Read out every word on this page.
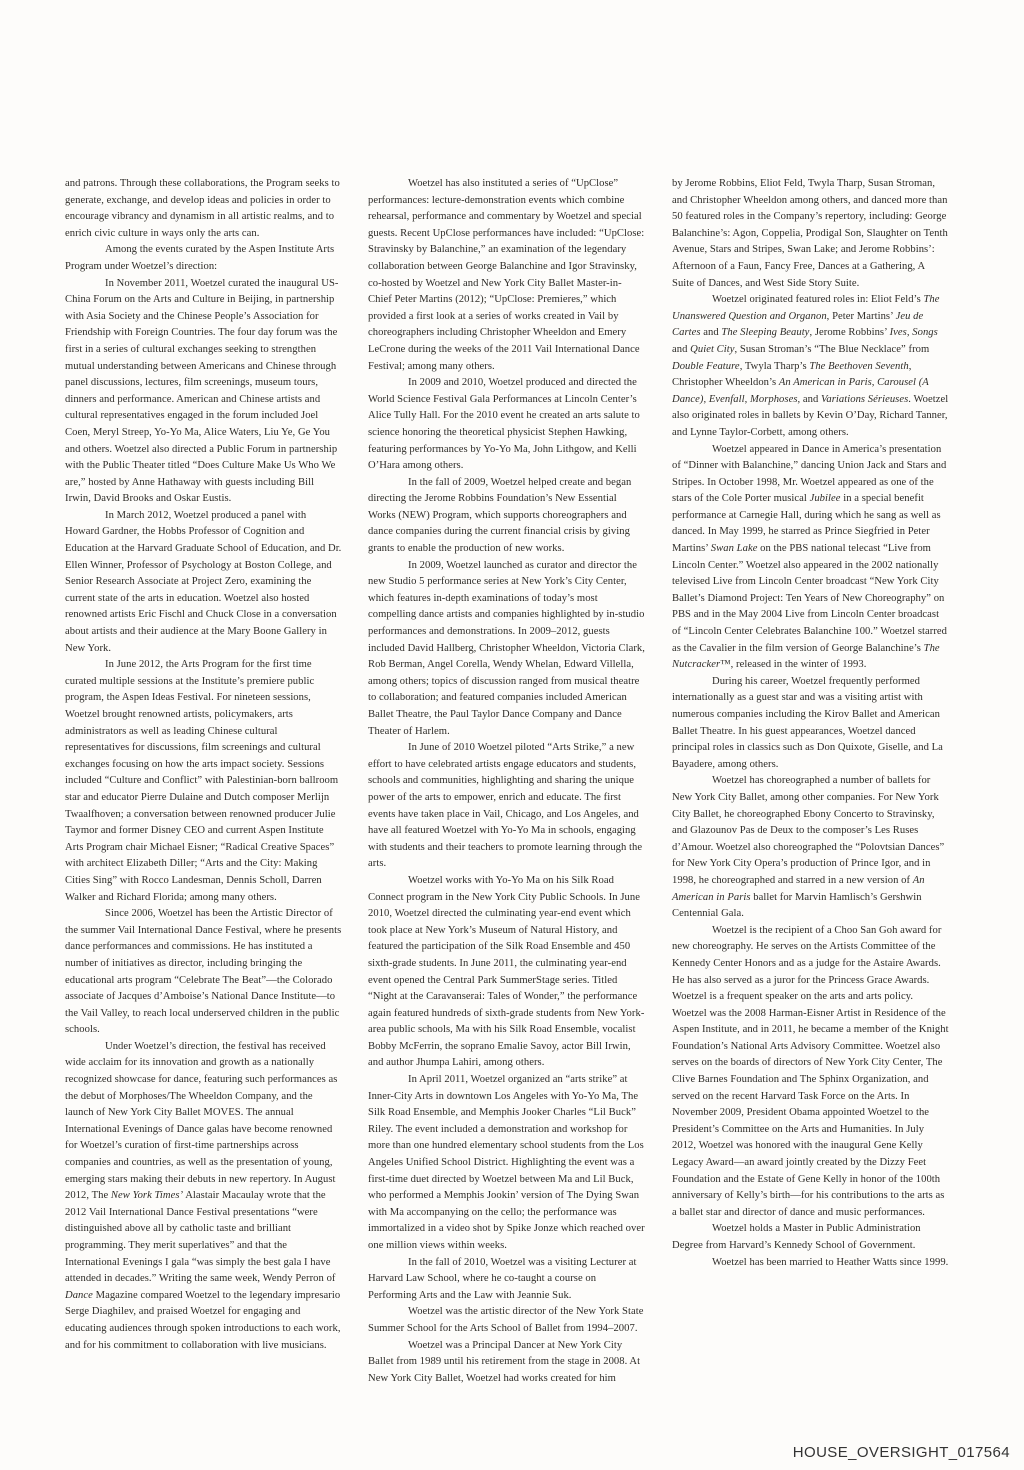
and patrons. Through these collaborations, the Program seeks to generate, exchange, and develop ideas and policies in order to encourage vibrancy and dynamism in all artistic realms, and to enrich civic culture in ways only the arts can.

Among the events curated by the Aspen Institute Arts Program under Woetzel’s direction:

In November 2011, Woetzel curated the inaugural US-China Forum on the Arts and Culture in Beijing, in partnership with Asia Society and the Chinese People’s Association for Friendship with Foreign Countries. The four day forum was the first in a series of cultural exchanges seeking to strengthen mutual understanding between Americans and Chinese through panel discussions, lectures, film screenings, museum tours, dinners and performance. American and Chinese artists and cultural representatives engaged in the forum included Joel Coen, Meryl Streep, Yo-Yo Ma, Alice Waters, Liu Ye, Ge You and others. Woetzel also directed a Public Forum in partnership with the Public Theater titled “Does Culture Make Us Who We are,” hosted by Anne Hathaway with guests including Bill Irwin, David Brooks and Oskar Eustis.

In March 2012, Woetzel produced a panel with Howard Gardner, the Hobbs Professor of Cognition and Education at the Harvard Graduate School of Education, and Dr. Ellen Winner, Professor of Psychology at Boston College, and Senior Research Associate at Project Zero, examining the current state of the arts in education. Woetzel also hosted renowned artists Eric Fischl and Chuck Close in a conversation about artists and their audience at the Mary Boone Gallery in New York.

In June 2012, the Arts Program for the first time curated multiple sessions at the Institute’s premiere public program, the Aspen Ideas Festival. For nineteen sessions, Woetzel brought renowned artists, policymakers, arts administrators as well as leading Chinese cultural representatives for discussions, film screenings and cultural exchanges focusing on how the arts impact society. Sessions included “Culture and Conflict” with Palestinian-born ballroom star and educator Pierre Dulaine and Dutch composer Merlijn Twaalfhoven; a conversation between renowned producer Julie Taymor and former Disney CEO and current Aspen Institute Arts Program chair Michael Eisner; “Radical Creative Spaces” with architect Elizabeth Diller; “Arts and the City: Making Cities Sing” with Rocco Landesman, Dennis Scholl, Darren Walker and Richard Florida; among many others.

Since 2006, Woetzel has been the Artistic Director of the summer Vail International Dance Festival, where he presents dance performances and commissions. He has instituted a number of initiatives as director, including bringing the educational arts program “Celebrate The Beat”—the Colorado associate of Jacques d’Amboise’s National Dance Institute—to the Vail Valley, to reach local underserved children in the public schools.

Under Woetzel’s direction, the festival has received wide acclaim for its innovation and growth as a nationally recognized showcase for dance, featuring such performances as the debut of Morphoses/The Wheeldon Company, and the launch of New York City Ballet MOVES. The annual International Evenings of Dance galas have become renowned for Woetzel’s curation of first-time partnerships across companies and countries, as well as the presentation of young, emerging stars making their debuts in new repertory. In August 2012, The New York Times’ Alastair Macaulay wrote that the 2012 Vail International Dance Festival presentations “were distinguished above all by catholic taste and brilliant programming. They merit superlatives” and that the International Evenings I gala “was simply the best gala I have attended in decades.” Writing the same week, Wendy Perron of Dance Magazine compared Woetzel to the legendary impresario Serge Diaghilev, and praised Woetzel for engaging and educating audiences through spoken introductions to each work, and for his commitment to collaboration with live musicians.

Woetzel has also instituted a series of “UpClose” performances: lecture-demonstration events which combine rehearsal, performance and commentary by Woetzel and special guests. Recent UpClose performances have included: “UpClose: Stravinsky by Balanchine,” an examination of the legendary collaboration between George Balanchine and Igor Stravinsky, co-hosted by Woetzel and New York City Ballet Master-in-Chief Peter Martins (2012); “UpClose: Premieres,” which provided a first look at a series of works created in Vail by choreographers including Christopher Wheeldon and Emery LeCrone during the weeks of the 2011 Vail International Dance Festival; among many others.

In 2009 and 2010, Woetzel produced and directed the World Science Festival Gala Performances at Lincoln Center’s Alice Tully Hall. For the 2010 event he created an arts salute to science honoring the theoretical physicist Stephen Hawking, featuring performances by Yo-Yo Ma, John Lithgow, and Kelli O’Hara among others.

In the fall of 2009, Woetzel helped create and began directing the Jerome Robbins Foundation’s New Essential Works (NEW) Program, which supports choreographers and dance companies during the current financial crisis by giving grants to enable the production of new works.

In 2009, Woetzel launched as curator and director the new Studio 5 performance series at New York’s City Center, which features in-depth examinations of today’s most compelling dance artists and companies highlighted by in-studio performances and demonstrations. In 2009–2012, guests included David Hallberg, Christopher Wheeldon, Victoria Clark, Rob Berman, Angel Corella, Wendy Whelan, Edward Villella, among others; topics of discussion ranged from musical theatre to collaboration; and featured companies included American Ballet Theatre, the Paul Taylor Dance Company and Dance Theater of Harlem.

In June of 2010 Woetzel piloted “Arts Strike,” a new effort to have celebrated artists engage educators and students, schools and communities, highlighting and sharing the unique power of the arts to empower, enrich and educate. The first events have taken place in Vail, Chicago, and Los Angeles, and have all featured Woetzel with Yo-Yo Ma in schools, engaging with students and their teachers to promote learning through the arts.

Woetzel works with Yo-Yo Ma on his Silk Road Connect program in the New York City Public Schools. In June 2010, Woetzel directed the culminating year-end event which took place at New York’s Museum of Natural History, and featured the participation of the Silk Road Ensemble and 450 sixth-grade students. In June 2011, the culminating year-end event opened the Central Park SummerStage series. Titled “Night at the Caravanserai: Tales of Wonder,” the performance again featured hundreds of sixth-grade students from New York-area public schools, Ma with his Silk Road Ensemble, vocalist Bobby McFerrin, the soprano Emalie Savoy, actor Bill Irwin, and author Jhumpa Lahiri, among others.

In April 2011, Woetzel organized an “arts strike” at Inner-City Arts in downtown Los Angeles with Yo-Yo Ma, The Silk Road Ensemble, and Memphis Jooker Charles “Lil Buck” Riley. The event included a demonstration and workshop for more than one hundred elementary school students from the Los Angeles Unified School District. Highlighting the event was a first-time duet directed by Woetzel between Ma and Lil Buck, who performed a Memphis Jookin’ version of The Dying Swan with Ma accompanying on the cello; the performance was immortalized in a video shot by Spike Jonze which reached over one million views within weeks.

In the fall of 2010, Woetzel was a visiting Lecturer at Harvard Law School, where he co-taught a course on Performing Arts and the Law with Jeannie Suk.

Woetzel was the artistic director of the New York State Summer School for the Arts School of Ballet from 1994–2007.

Woetzel was a Principal Dancer at New York City Ballet from 1989 until his retirement from the stage in 2008. At New York City Ballet, Woetzel had works created for him

by Jerome Robbins, Eliot Feld, Twyla Tharp, Susan Stroman, and Christopher Wheeldon among others, and danced more than 50 featured roles in the Company’s repertory, including: George Balanchine’s: Agon, Coppelia, Prodigal Son, Slaughter on Tenth Avenue, Stars and Stripes, Swan Lake; and Jerome Robbins’: Afternoon of a Faun, Fancy Free, Dances at a Gathering, A Suite of Dances, and West Side Story Suite.

Woetzel originated featured roles in: Eliot Feld’s The Unanswered Question and Organon, Peter Martins’ Jeu de Cartes and The Sleeping Beauty, Jerome Robbins’ Ives, Songs and Quiet City, Susan Stroman’s “The Blue Necklace” from Double Feature, Twyla Tharp’s The Beethoven Seventh, Christopher Wheeldon’s An American in Paris, Carousel (A Dance), Evenfall, Morphoses, and Variations Sérieuses. Woetzel also originated roles in ballets by Kevin O’Day, Richard Tanner, and Lynne Taylor-Corbett, among others.

Woetzel appeared in Dance in America’s presentation of “Dinner with Balanchine,” dancing Union Jack and Stars and Stripes. In October 1998, Mr. Woetzel appeared as one of the stars of the Cole Porter musical Jubilee in a special benefit performance at Carnegie Hall, during which he sang as well as danced. In May 1999, he starred as Prince Siegfried in Peter Martins’ Swan Lake on the PBS national telecast “Live from Lincoln Center.” Woetzel also appeared in the 2002 nationally televised Live from Lincoln Center broadcast “New York City Ballet’s Diamond Project: Ten Years of New Choreography” on PBS and in the May 2004 Live from Lincoln Center broadcast of “Lincoln Center Celebrates Balanchine 100.” Woetzel starred as the Cavalier in the film version of George Balanchine’s The Nutcracker™, released in the winter of 1993.

During his career, Woetzel frequently performed internationally as a guest star and was a visiting artist with numerous companies including the Kirov Ballet and American Ballet Theatre. In his guest appearances, Woetzel danced principal roles in classics such as Don Quixote, Giselle, and La Bayadere, among others.

Woetzel has choreographed a number of ballets for New York City Ballet, among other companies. For New York City Ballet, he choreographed Ebony Concerto to Stravinsky, and Glazounov Pas de Deux to the composer’s Les Ruses d’Amour. Woetzel also choreographed the “Polovtsian Dances” for New York City Opera’s production of Prince Igor, and in 1998, he choreographed and starred in a new version of An American in Paris ballet for Marvin Hamlisch’s Gershwin Centennial Gala.

Woetzel is the recipient of a Choo San Goh award for new choreography. He serves on the Artists Committee of the Kennedy Center Honors and as a judge for the Astaire Awards. He has also served as a juror for the Princess Grace Awards. Woetzel is a frequent speaker on the arts and arts policy. Woetzel was the 2008 Harman-Eisner Artist in Residence of the Aspen Institute, and in 2011, he became a member of the Knight Foundation’s National Arts Advisory Committee. Woetzel also serves on the boards of directors of New York City Center, The Clive Barnes Foundation and The Sphinx Organization, and served on the recent Harvard Task Force on the Arts. In November 2009, President Obama appointed Woetzel to the President’s Committee on the Arts and Humanities. In July 2012, Woetzel was honored with the inaugural Gene Kelly Legacy Award—an award jointly created by the Dizzy Feet Foundation and the Estate of Gene Kelly in honor of the 100th anniversary of Kelly’s birth—for his contributions to the arts as a ballet star and director of dance and music performances.

Woetzel holds a Master in Public Administration Degree from Harvard’s Kennedy School of Government.

Woetzel has been married to Heather Watts since 1999.

HOUSE_OVERSIGHT_017564
